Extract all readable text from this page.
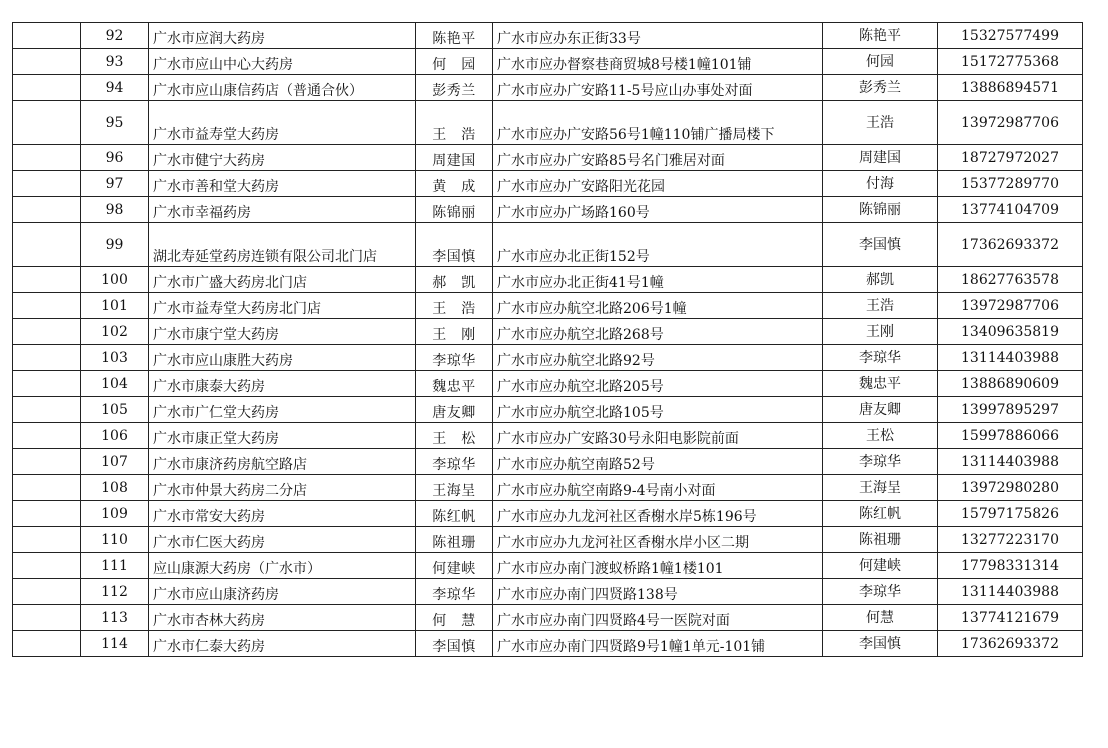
	92	广水市应润大药房	陈艳平	广水市应办东正街33号	陈艳平	15327577499
	93	广水市应山中心大药房	何　园	广水市应办督察巷商贸城8号楼1幢101铺	何园	15172775368
	94	广水市应山康信药店（普通合伙）	彭秀兰	广水市应办广安路11-5号应山办事处对面	彭秀兰	13886894571
	95	广水市益寿堂大药房	王　浩	广水市应办广安路56号1幢110铺广播局楼下	王浩	13972987706
	96	广水市健宁大药房	周建国	广水市应办广安路85号名门雅居对面	周建国	18727972027
	97	广水市善和堂大药房	黄　成	广水市应办广安路阳光花园	付海	15377289770
	98	广水市幸福药房	陈锦丽	广水市应办广场路160号	陈锦丽	13774104709
	99	湖北寿延堂药房连锁有限公司北门店	李国慎	广水市应办北正街152号	李国慎	17362693372
	100	广水市广盛大药房北门店	郝　凯	广水市应办北正街41号1幢	郝凯	18627763578
	101	广水市益寿堂大药房北门店	王　浩	广水市应办航空北路206号1幢	王浩	13972987706
	102	广水市康宁堂大药房	王　刚	广水市应办航空北路268号	王刚	13409635819
	103	广水市应山康胜大药房	李琼华	广水市应办航空北路92号	李琼华	13114403988
	104	广水市康泰大药房	魏忠平	广水市应办航空北路205号	魏忠平	13886890609
	105	广水市广仁堂大药房	唐友卿	广水市应办航空北路105号	唐友卿	13997895297
	106	广水市康正堂大药房	王　松	广水市应办广安路30号永阳电影院前面	王松	15997886066
	107	广水市康济药房航空路店	李琼华	广水市应办航空南路52号	李琼华	13114403988
	108	广水市仲景大药房二分店	王海呈	广水市应办航空南路9-4号南小对面	王海呈	13972980280
	109	广水市常安大药房	陈红帆	广水市应办九龙河社区香榭水岸5栋196号	陈红帆	15797175826
	110	广水市仁医大药房	陈祖珊	广水市应办九龙河社区香榭水岸小区二期	陈祖珊	13277223170
	111	应山康源大药房（广水市）	何建峡	广水市应办南门渡蚁桥路1幢1楼101	何建峡	17798331314
	112	广水市应山康济药房	李琼华	广水市应办南门四贤路138号	李琼华	13114403988
	113	广水市杏林大药房	何　慧	广水市应办南门四贤路4号一医院对面	何慧	13774121679
	114	广水市仁泰大药房	李国慎	广水市应办南门四贤路9号1幢1单元-101铺	李国慎	17362693372
